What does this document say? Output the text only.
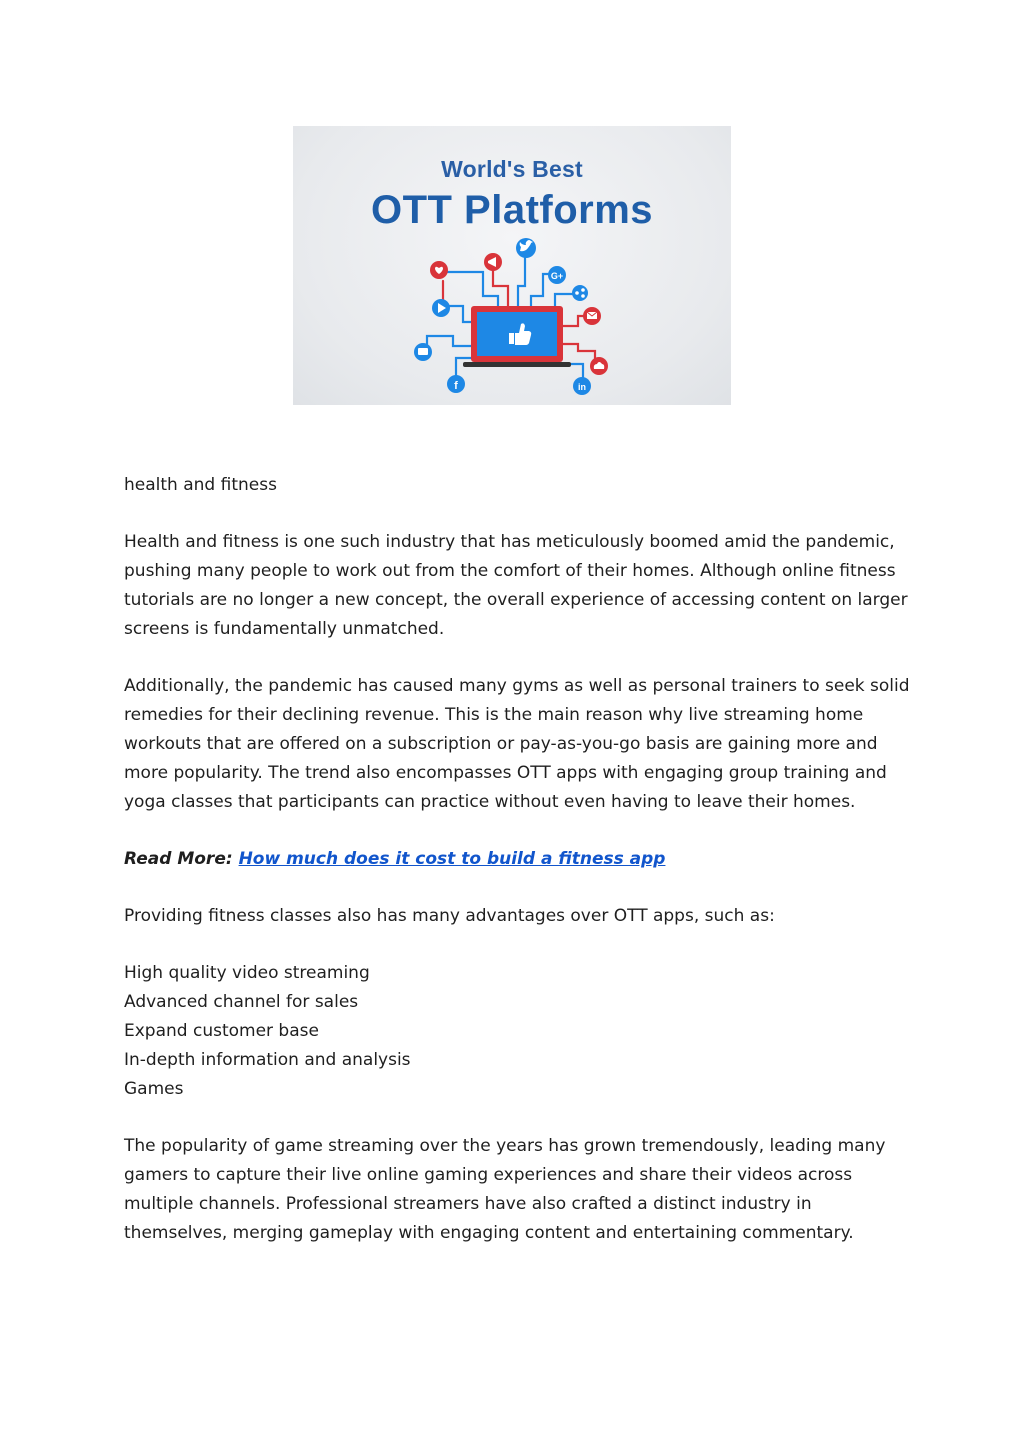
World's Best
OTT Platforms
G+
f	in

health and fitness

Health and fitness is one such industry that has meticulously boomed amid the pandemic, pushing many people to work out from the comfort of their homes. Although online fitness tutorials are no longer a new concept, the overall experience of accessing content on larger screens is fundamentally unmatched.

Additionally, the pandemic has caused many gyms as well as personal trainers to seek solid remedies for their declining revenue. This is the main reason why live streaming home workouts that are offered on a subscription or pay-as-you-go basis are gaining more and more popularity. The trend also encompasses OTT apps with engaging group training and yoga classes that participants can practice without even having to leave their homes.

Read More: How much does it cost to build a fitness app

Providing fitness classes also has many advantages over OTT apps, such as:

High quality video streaming
Advanced channel for sales
Expand customer base
In-depth information and analysis
Games

The popularity of game streaming over the years has grown tremendously, leading many gamers to capture their live online gaming experiences and share their videos across multiple channels. Professional streamers have also crafted a distinct industry in themselves, merging gameplay with engaging content and entertaining commentary.
